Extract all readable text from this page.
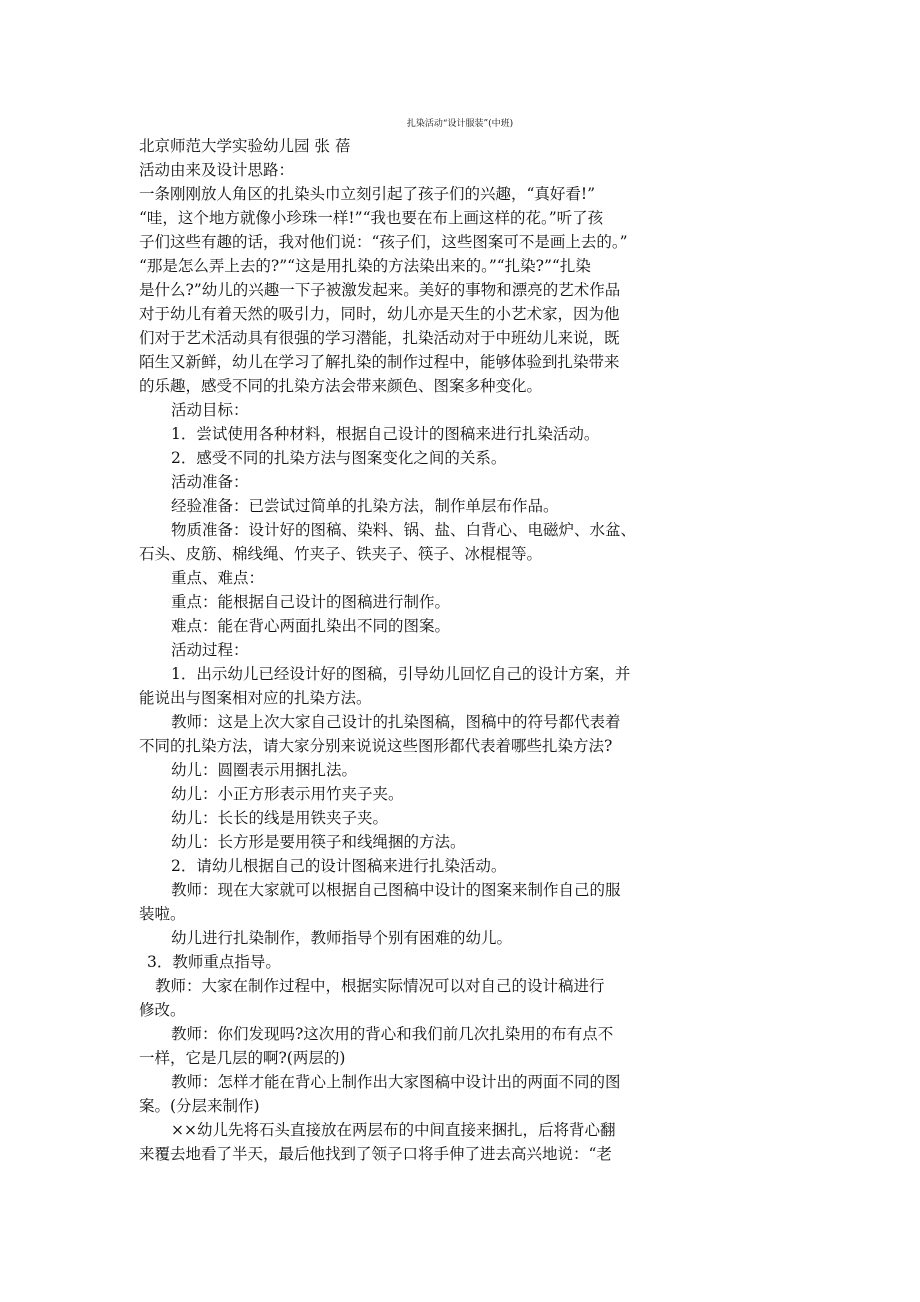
扎染活动“设计服装”(中班)
北京师范大学实验幼儿园 张 蓓
活动由来及设计思路：
一条刚刚放人角区的扎染头巾立刻引起了孩子们的兴趣，“真好看!”
“哇，这个地方就像小珍珠一样!”“我也要在布上画这样的花。”听了孩
子们这些有趣的话，我对他们说：“孩子们，这些图案可不是画上去的。”
“那是怎么弄上去的?”“这是用扎染的方法染出来的。”“扎染?”“扎染
是什么?”幼儿的兴趣一下子被激发起来。美好的事物和漂亮的艺术作品
对于幼儿有着天然的吸引力，同时，幼儿亦是天生的小艺术家，因为他
们对于艺术活动具有很强的学习潜能，扎染活动对于中班幼儿来说，既
陌生又新鲜，幼儿在学习了解扎染的制作过程中，能够体验到扎染带来
的乐趣，感受不同的扎染方法会带来颜色、图案多种变化。
活动目标：
1．尝试使用各种材料，根据自己设计的图稿来进行扎染活动。
2．感受不同的扎染方法与图案变化之间的关系。
活动准备：
经验准备：已尝试过简单的扎染方法，制作单层布作品。
物质准备：设计好的图稿、染料、锅、盐、白背心、电磁炉、水盆、
石头、皮筋、棉线绳、竹夹子、铁夹子、筷子、冰棍棍等。
重点、难点：
重点：能根据自己设计的图稿进行制作。
难点：能在背心两面扎染出不同的图案。
活动过程：
1．出示幼儿已经设计好的图稿，引导幼儿回忆自己的设计方案，并
能说出与图案相对应的扎染方法。
教师：这是上次大家自己设计的扎染图稿，图稿中的符号都代表着
不同的扎染方法，请大家分别来说说这些图形都代表着哪些扎染方法?
幼儿：圆圈表示用捆扎法。
幼儿：小正方形表示用竹夹子夹。
幼儿：长长的线是用铁夹子夹。
幼儿：长方形是要用筷子和线绳捆的方法。
2．请幼儿根据自己的设计图稿来进行扎染活动。
教师：现在大家就可以根据自己图稿中设计的图案来制作自己的服
装啦。
幼儿进行扎染制作，教师指导个别有困难的幼儿。
3．教师重点指导。
教师：大家在制作过程中，根据实际情况可以对自己的设计稿进行
修改。
教师：你们发现吗?这次用的背心和我们前几次扎染用的布有点不
一样，它是几层的啊?(两层的)
教师：怎样才能在背心上制作出大家图稿中设计出的两面不同的图
案。(分层来制作)
××幼儿先将石头直接放在两层布的中间直接来捆扎，后将背心翻
来覆去地看了半天，最后他找到了领子口将手伸了进去高兴地说：“老
